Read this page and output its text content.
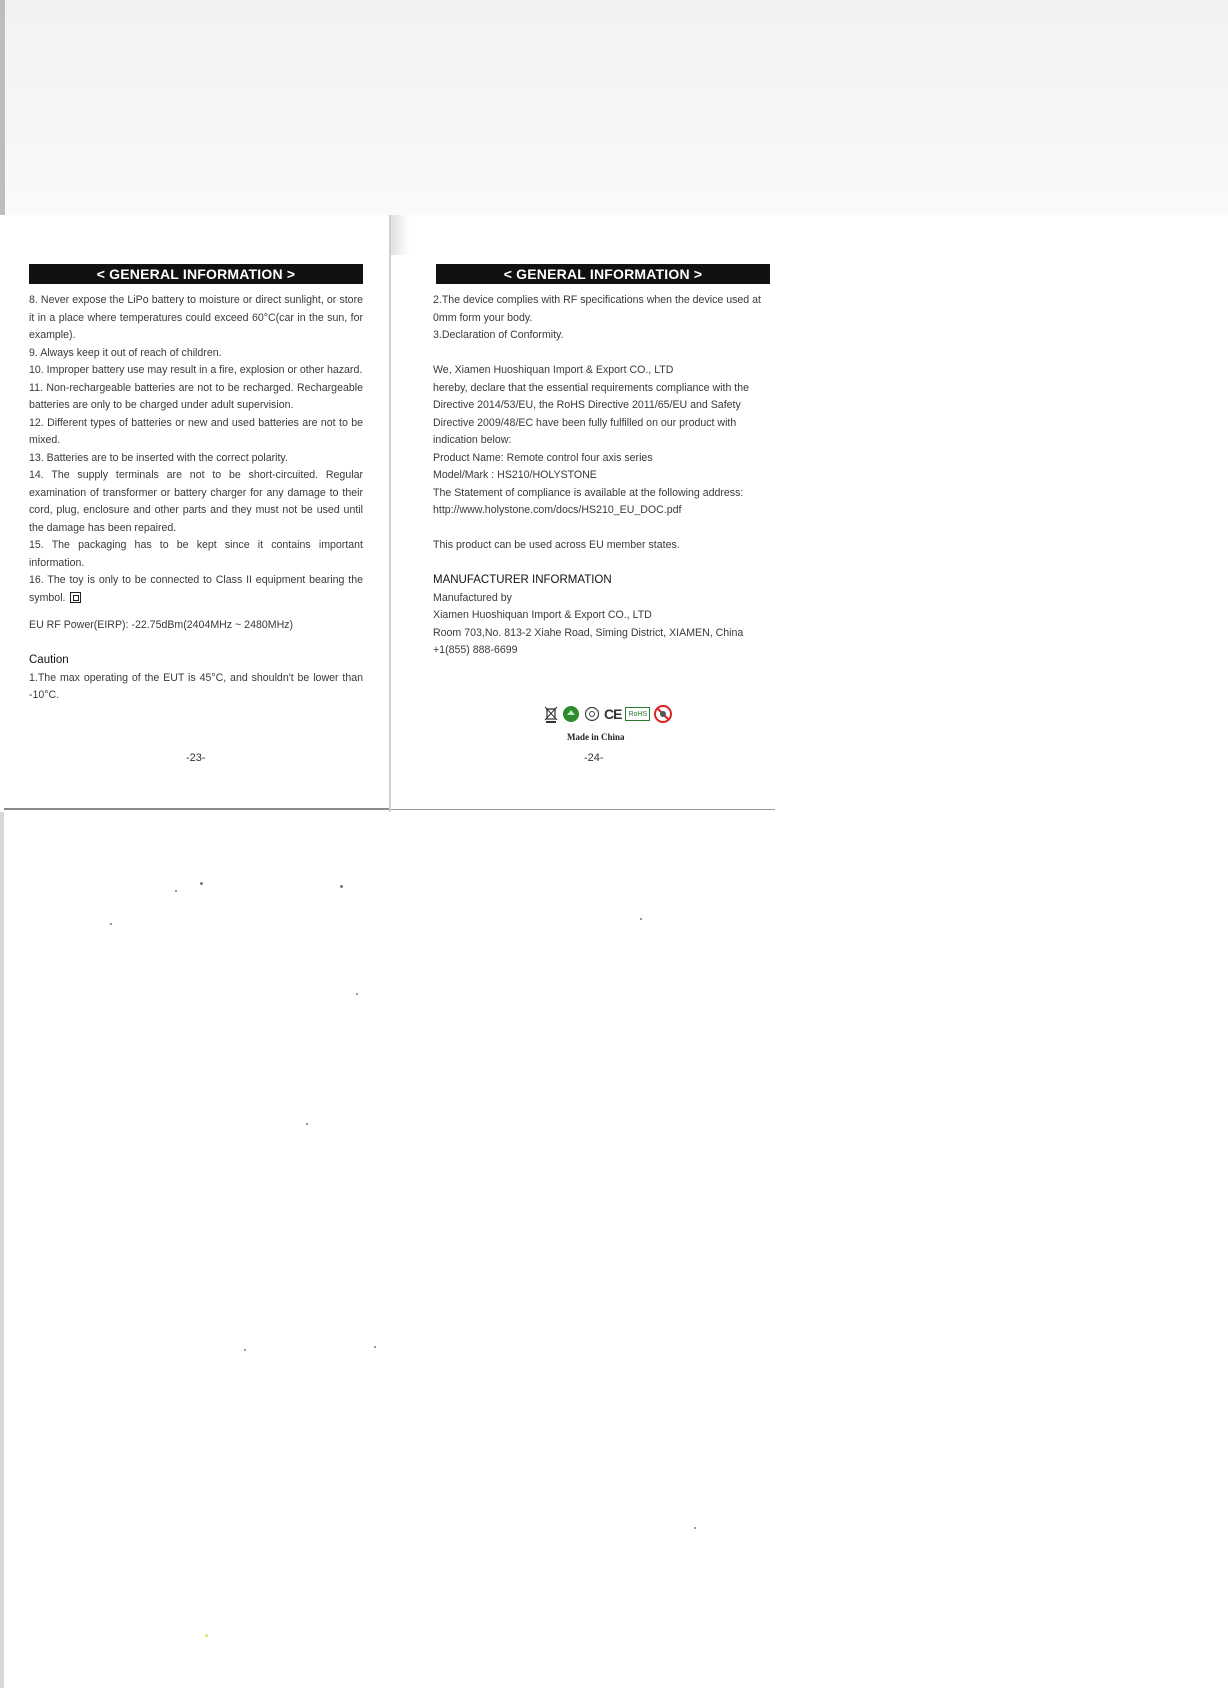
< GENERAL INFORMATION >

8. Never expose the LiPo battery to moisture or direct sunlight, or store it in a place where temperatures could exceed 60°C(car in the sun, for example).

9. Always keep it out of reach of children.

10. Improper battery use may result in a fire, explosion or other hazard.

11. Non-rechargeable batteries are not to be recharged. Rechargeable batteries are only to be charged under adult supervision.

12. Different types of batteries or new and used batteries are not to be mixed.

13. Batteries are to be inserted with the correct polarity.

14. The supply terminals are not to be short-circuited. Regular examination of transformer or battery charger for any damage to their cord, plug, enclosure and other parts and they must not be used until the damage has been repaired.

15. The packaging has to be kept since it contains important information.

16. The toy is only to be connected to Class II equipment bearing the symbol.

EU RF Power(EIRP): -22.75dBm(2404MHz ~ 2480MHz)

Caution

1.The max operating of the EUT is 45°C, and shouldn't be lower than -10°C.

-23-
< GENERAL INFORMATION >

2.The device complies with RF specifications when the device used at 0mm form your body.

3.Declaration of Conformity.

We, Xiamen Huoshiquan Import & Export CO., LTD

hereby, declare that the essential requirements compliance with the Directive 2014/53/EU, the RoHS Directive 2011/65/EU and Safety Directive 2009/48/EC have been fully fulfilled on our product with indication below:

Product Name: Remote control four axis series

Model/Mark : HS210/HOLYSTONE

The Statement of compliance is available at the following address:

http://www.holystone.com/docs/HS210_EU_DOC.pdf

This product can be used across EU member states.

MANUFACTURER INFORMATION

Manufactured by

Xiamen Huoshiquan Import & Export CO., LTD

Room 703,No. 813-2 Xiahe Road, Siming District, XIAMEN, China

+1(855) 888-6699

CE RoHS
Made in China
-24-
